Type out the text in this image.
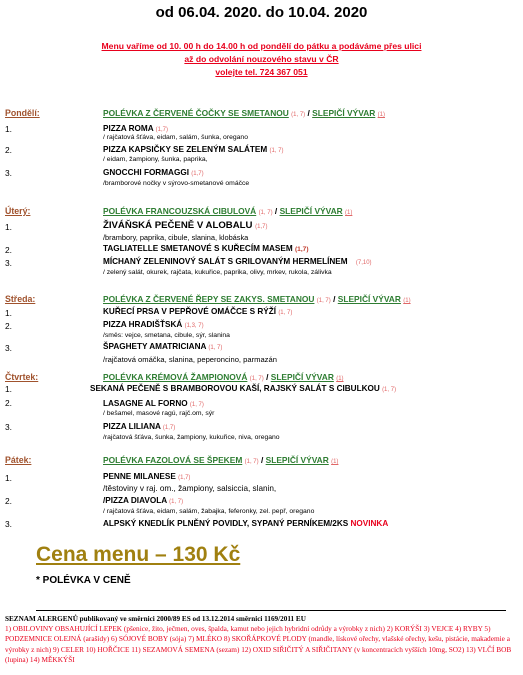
od 06.04. 2020. do 10.04. 2020
Menu vaříme od 10. 00 h do 14.00 h od pondělí do pátku a podáváme přes ulici
až do odvolání nouzového stavu v ČR
volejte tel. 724 367 051
Pondělí:	POLÉVKA Z ČERVENÉ ČOČKY SE SMETANOU (1, 7) / SLEPIČÍ VÝVAR (1)
1.	PIZZA ROMA (1,7)
/ rajčatová šťáva, eidam, salám, šunka, oregano
2.	PIZZA KAPSIČKY SE ZELENÝM SALÁTEM (1, 7)
/ eidam, žampiony, šunka, paprika,
3.	GNOCCHI FORMAGGI (1,7)
/bramborové nočky v sýrovo-smetanové omáčce
Úterý:	POLÉVKA FRANCOUZSKÁ CIBULOVÁ (1, 7) / SLEPIČÍ VÝVAR (1)
1.	ŽIVÁŇSKÁ PEČENĚ V ALOBALU (1,7)
/brambory, paprika, cibule, slanina, klobáska
2.	TAGLIATELLE SMETANOVÉ S KUŘECÍM MASEM (1,7)
3.	MÍCHANÝ ZELENINOVÝ SALÁT S GRILOVANÝM HERMELÍNEM (7,10)
/ zelený salát, okurek, rajčata, kukuřice, paprika, olivy, mrkev, rukola, zálivka
Středa:	POLÉVKA Z ČERVENÉ ŘEPY SE ZAKYS. SMETANOU (1, 7) / SLEPIČÍ VÝVAR (1)
1.	KUŘECÍ PRSA V PEPŘOVÉ OMÁČCE S RÝŽÍ (1, 7)
2.	PIZZA HRADIŠŤSKÁ (1,3, 7)
/směs: vejce, smetana, cibule, sýr, slanina
3.	ŠPAGHETY AMATRICIANA (1, 7)
/rajčatová omáčka, slanina, peperoncino, parmazán
Čtvrtek:	POLÉVKA KRÉMOVÁ ŽAMPIONOVÁ (1, 7) / SLEPIČÍ VÝVAR (1)
1.	SEKANÁ PEČENĚ S BRAMBOROVOU KAŠÍ, RAJSKÝ SALÁT S CIBULKOU (1, 7)
2.	LASAGNE AL FORNO (1, 7)
/ bešamel, masové ragú, rajč.om, sýr
3.	PIZZA LILIANA (1,7)
/rajčatová šťáva, šunka, žampiony, kukuřice, niva, oregano
Pátek:	POLÉVKA FAZOLOVÁ SE ŠPEKEM (1, 7) / SLEPIČÍ VÝVAR (1)
1.	PENNE MILANESE (1,7)
/těstoviny v raj. om., žampiony, salsiccia, slanin,
2.	/PIZZA DIAVOLA (1, 7)
/ rajčatová šťáva, eidam, salám, žabajka, feferonky, zel. pepř, oregano
3.	ALPSKÝ KNEDLÍK PLNĚNÝ POVIDLY, SYPANÝ PERNÍKEM/2KS NOVINKA
Cena menu – 130 Kč
* POLÉVKA V CENĚ
SEZNAM ALERGENŮ publikovaný ve směrnici 2000/89 ES od 13.12.2014 směrnici 1169/2011 EU
1) OBILOVINY OBSAHUJÍCÍ LEPEK (pšenice, žito, ječmen, oves, špalda, kamut nebo jejich hybridní odrůdy a výrobky z nich) 2) KORÝŠI 3) VEJCE 4) RYBY 5) PODZEMNICE OLEJNÁ (arašídy) 6) SÓJOVÉ BOBY (sója) 7) MLÉKO 8) SKOŘÁPKOVÉ PLODY (mandle, lískové ořechy, vlašské ořechy, kešu, pistácie, makademie a výrobky z nich) 9) CELER 10) HOŘČICE 11) SEZAMOVÁ SEMENA (sezam) 12) OXID SIŘIČITÝ A SIŘIČITANY (v koncentracích vyšších 10mg, SO2) 13) VLČÍ BOB (lupina) 14) MĚKKÝŠI
